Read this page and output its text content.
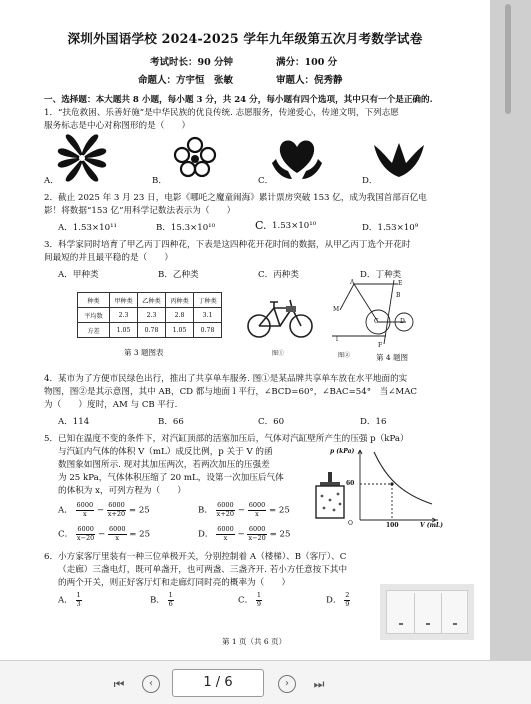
深圳外国语学校 2024-2025 学年九年级第五次月考数学试卷
考试时长：90 分钟	满分：100 分
命题人：方宇恒　张敏	审题人：倪秀静
一、选择题：本大题共 8 小题，每小题 3 分，共 24 分，每小题有四个选项，其中只有一个是正确的.
1．“扶危救困、乐善好施”是中华民族的优良传统. 志愿服务，传递爱心，传递文明，下列志愿
服务标志是中心对称图形的是（　　）
A．	B．	C．	D．
2．截止 2025 年 3 月 23 日，电影《哪吒之魔童闹海》累计票房突破 153 亿，成为我国首部百亿电
影！将数据“153 亿”用科学记数法表示为（　　）
A．1.53×10¹¹	B．15.3×10¹⁰	C. 1.53×10¹⁰	D．1.53×10⁹
3．科学家同时培育了甲乙丙丁四种花，下表是这四种花开花时间的数据，从甲乙丙丁选个开花时
间最短的并且最平稳的是（　　）
A．甲种类	B．乙种类	C．丙种类	D．丁种类
种类	甲种类	乙种类	丙种类	丁种类
平均数	2.3	2.3	2.8	3.1
方差	1.05	0.78	1.05	0.78
第 3 题图表	图①
E
A
B
M
C	D
l
F
图②	第 4 题图
4．某市为了方便市民绿色出行，推出了共享单车服务. 图①是某品牌共享单车放在水平地面的实
物图，图②是其示意图，其中 AB，CD 都与地面 l 平行，∠BCD=60°，∠BAC=54°　当∠MAC
为（　　）度时，AM 与 CB 平行.
A．114	B．66	C．60	D．16
5．已知在温度不变的条件下，对汽缸顶部的活塞加压后，气体对汽缸壁所产生的压强 p（kPa）
与汽缸内气体的体积 V（mL）成反比例，p 关于 V 的函
数图象如图所示. 现对其加压两次，若两次加压的压强差
为 25 kPa，气体体积压缩了 20 mL，设第一次加压后气体
的体积为 x，可列方程为（　　）
A． $\frac{6000}{x} - \frac{6000}{x+20} = 25$	B． $\frac{6000}{x+20} - \frac{6000}{x} = 25$
C． $\frac{6000}{x-20} - \frac{6000}{x} = 25$	D． $\frac{6000}{x} - \frac{6000}{x-20} = 25$
p (kPa)
60
100	V (mL)
O
6．小方家客厅里装有一种三位单极开关，分别控制着 A（楼梯）、B（客厅）、C
（走廊）三盏电灯，既可单盏开，也可两盏、三盏齐开. 若小方任意按下其中
的两个开关，则正好客厅灯和走廊灯同时亮的概率为（　　）
A． $\frac{1}{3}$	B． $\frac{1}{6}$	C． $\frac{1}{9}$	D． $\frac{2}{9}$
第 1 页（共 6 页）
⏮	‹	1 / 6	›	⏭
